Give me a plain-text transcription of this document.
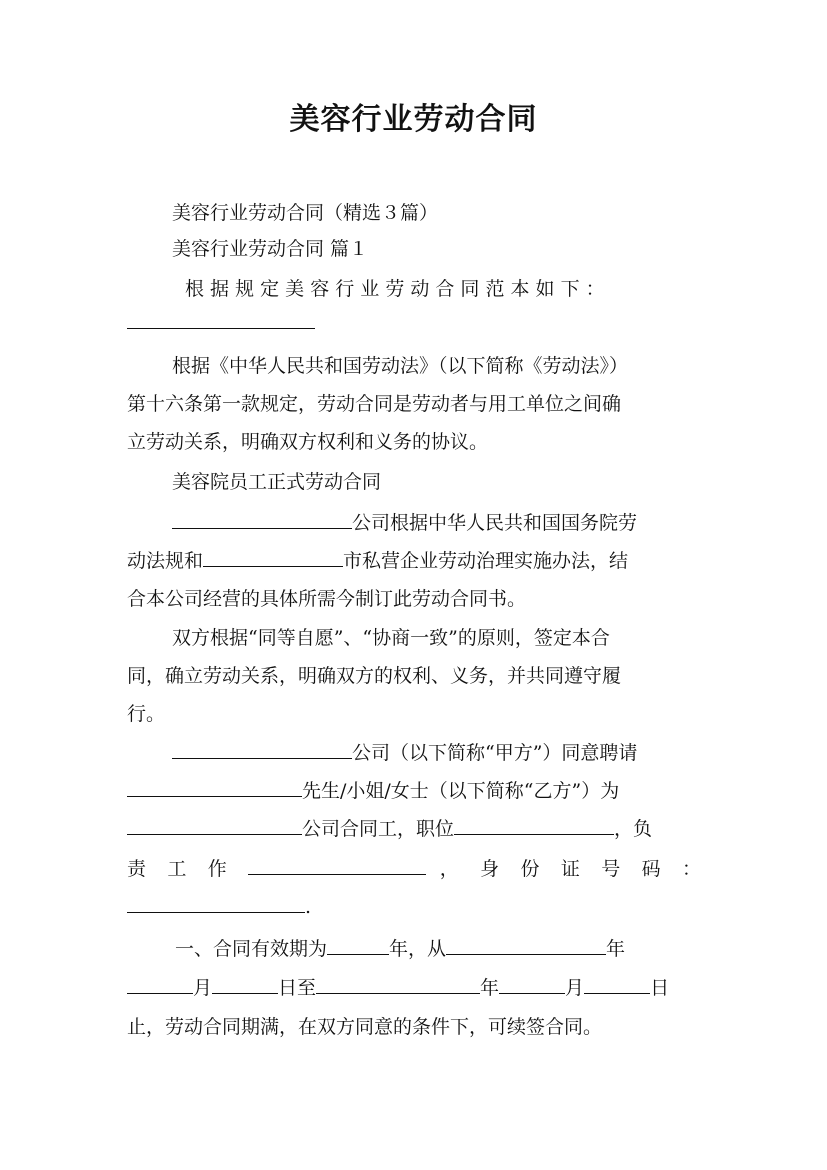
美容行业劳动合同
美容行业劳动合同（精选３篇）
美容行业劳动合同 篇１
根 据 规 定 美 容 行 业 劳 动 合 同 范 本 如 下 ：
根据《中华人民共和国劳动法》（以下简称《劳动法》）
第十六条第一款规定，劳动合同是劳动者与用工单位之间确
立劳动关系，明确双方权利和义务的协议。
美容院员工正式劳动合同
公司根据中华人民共和国国务院劳
动法规和	市私营企业劳动治理实施办法，结
合本公司经营的具体所需今制订此劳动合同书。
双方根据“同等自愿”、“协商一致”的原则，签定本合
同，确立劳动关系，明确双方的权利、义务，并共同遵守履
行。
公司（以下简称“甲方”）同意聘请
先生/小姐/女士（以下简称“乙方”）为
公司合同工，职位	，负
责 工 作	， 身 份 证 号 码 ：
.
一、合同有效期为	年，从	年
月	日至	年	月	日
止，劳动合同期满，在双方同意的条件下，可续签合同。
